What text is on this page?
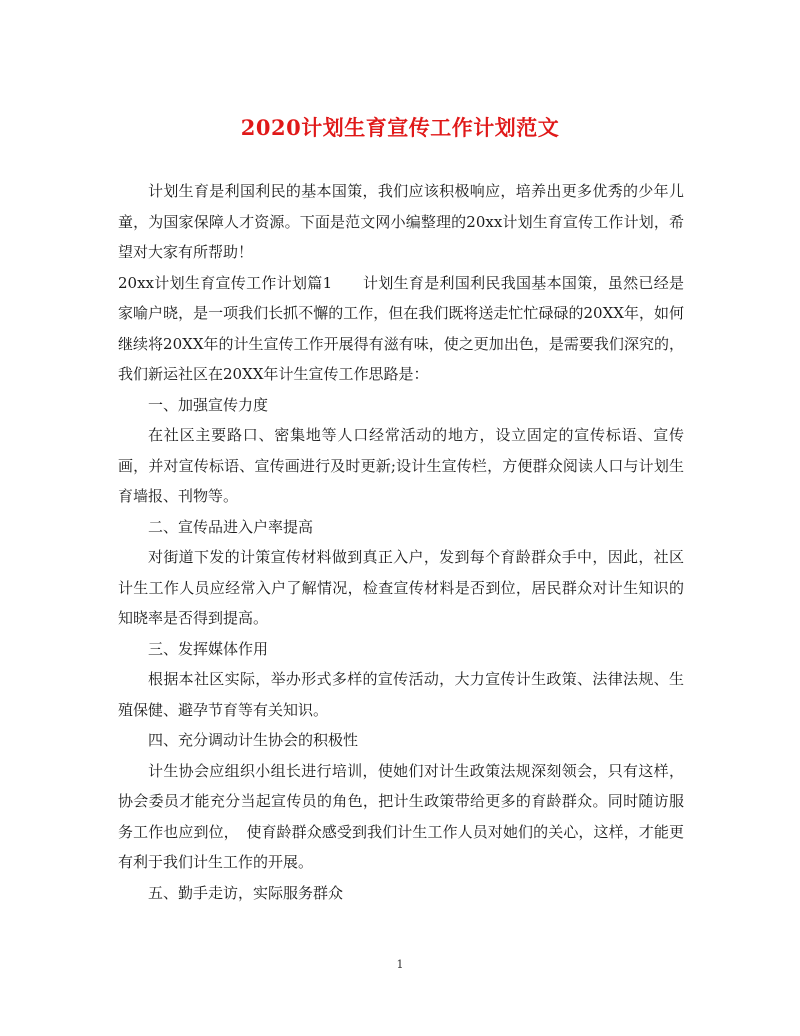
2020计划生育宣传工作计划范文

计划生育是利国利民的基本国策，我们应该积极响应，培养出更多优秀的少年儿童，为国家保障人才资源。下面是范文网小编整理的20xx计划生育宣传工作计划，希望对大家有所帮助！

20xx计划生育宣传工作计划篇1　　计划生育是利国利民我国基本国策，虽然已经是家喻户晓，是一项我们长抓不懈的工作，但在我们既将送走忙忙碌碌的20XX年，如何继续将20XX年的计生宣传工作开展得有滋有味，使之更加出色，是需要我们深究的，我们新运社区在20XX年计生宣传工作思路是：

一、加强宣传力度

在社区主要路口、密集地等人口经常活动的地方，设立固定的宣传标语、宣传画，并对宣传标语、宣传画进行及时更新;设计生宣传栏，方便群众阅读人口与计划生育墙报、刊物等。

二、宣传品进入户率提高

对街道下发的计策宣传材料做到真正入户，发到每个育龄群众手中，因此，社区计生工作人员应经常入户了解情况，检查宣传材料是否到位，居民群众对计生知识的知晓率是否得到提高。

三、发挥媒体作用

根据本社区实际，举办形式多样的宣传活动，大力宣传计生政策、法律法规、生殖保健、避孕节育等有关知识。

四、充分调动计生协会的积极性

计生协会应组织小组长进行培训，使她们对计生政策法规深刻领会，只有这样，协会委员才能充分当起宣传员的角色，把计生政策带给更多的育龄群众。同时随访服务工作也应到位，　使育龄群众感受到我们计生工作人员对她们的关心，这样，才能更有利于我们计生工作的开展。

五、勤手走访，实际服务群众

1
